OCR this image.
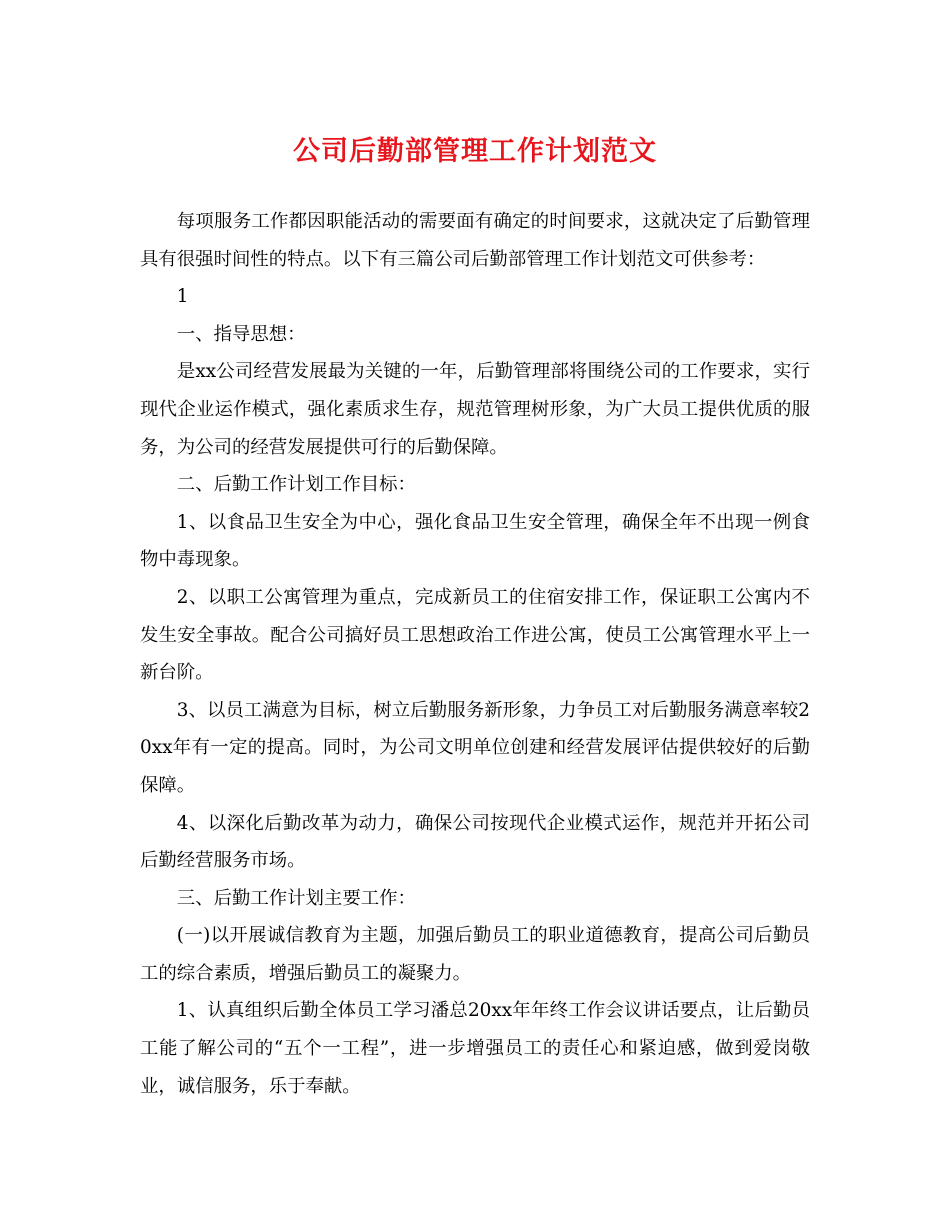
公司后勤部管理工作计划范文

每项服务工作都因职能活动的需要面有确定的时间要求，这就决定了后勤管理具有很强时间性的特点。以下有三篇公司后勤部管理工作计划范文可供参考：

1

一、指导思想：

是xx公司经营发展最为关键的一年，后勤管理部将围绕公司的工作要求，实行现代企业运作模式，强化素质求生存，规范管理树形象，为广大员工提供优质的服务，为公司的经营发展提供可行的后勤保障。

二、后勤工作计划工作目标：

1、以食品卫生安全为中心，强化食品卫生安全管理，确保全年不出现一例食物中毒现象。

2、以职工公寓管理为重点，完成新员工的住宿安排工作，保证职工公寓内不发生安全事故。配合公司搞好员工思想政治工作进公寓，使员工公寓管理水平上一新台阶。

3、以员工满意为目标，树立后勤服务新形象，力争员工对后勤服务满意率较20xx年有一定的提高。同时，为公司文明单位创建和经营发展评估提供较好的后勤保障。

4、以深化后勤改革为动力，确保公司按现代企业模式运作，规范并开拓公司后勤经营服务市场。

三、后勤工作计划主要工作：

(一)以开展诚信教育为主题，加强后勤员工的职业道德教育，提高公司后勤员工的综合素质，增强后勤员工的凝聚力。

1、认真组织后勤全体员工学习潘总20xx年年终工作会议讲话要点，让后勤员工能了解公司的“五个一工程”，进一步增强员工的责任心和紧迫感，做到爱岗敬业，诚信服务，乐于奉献。
